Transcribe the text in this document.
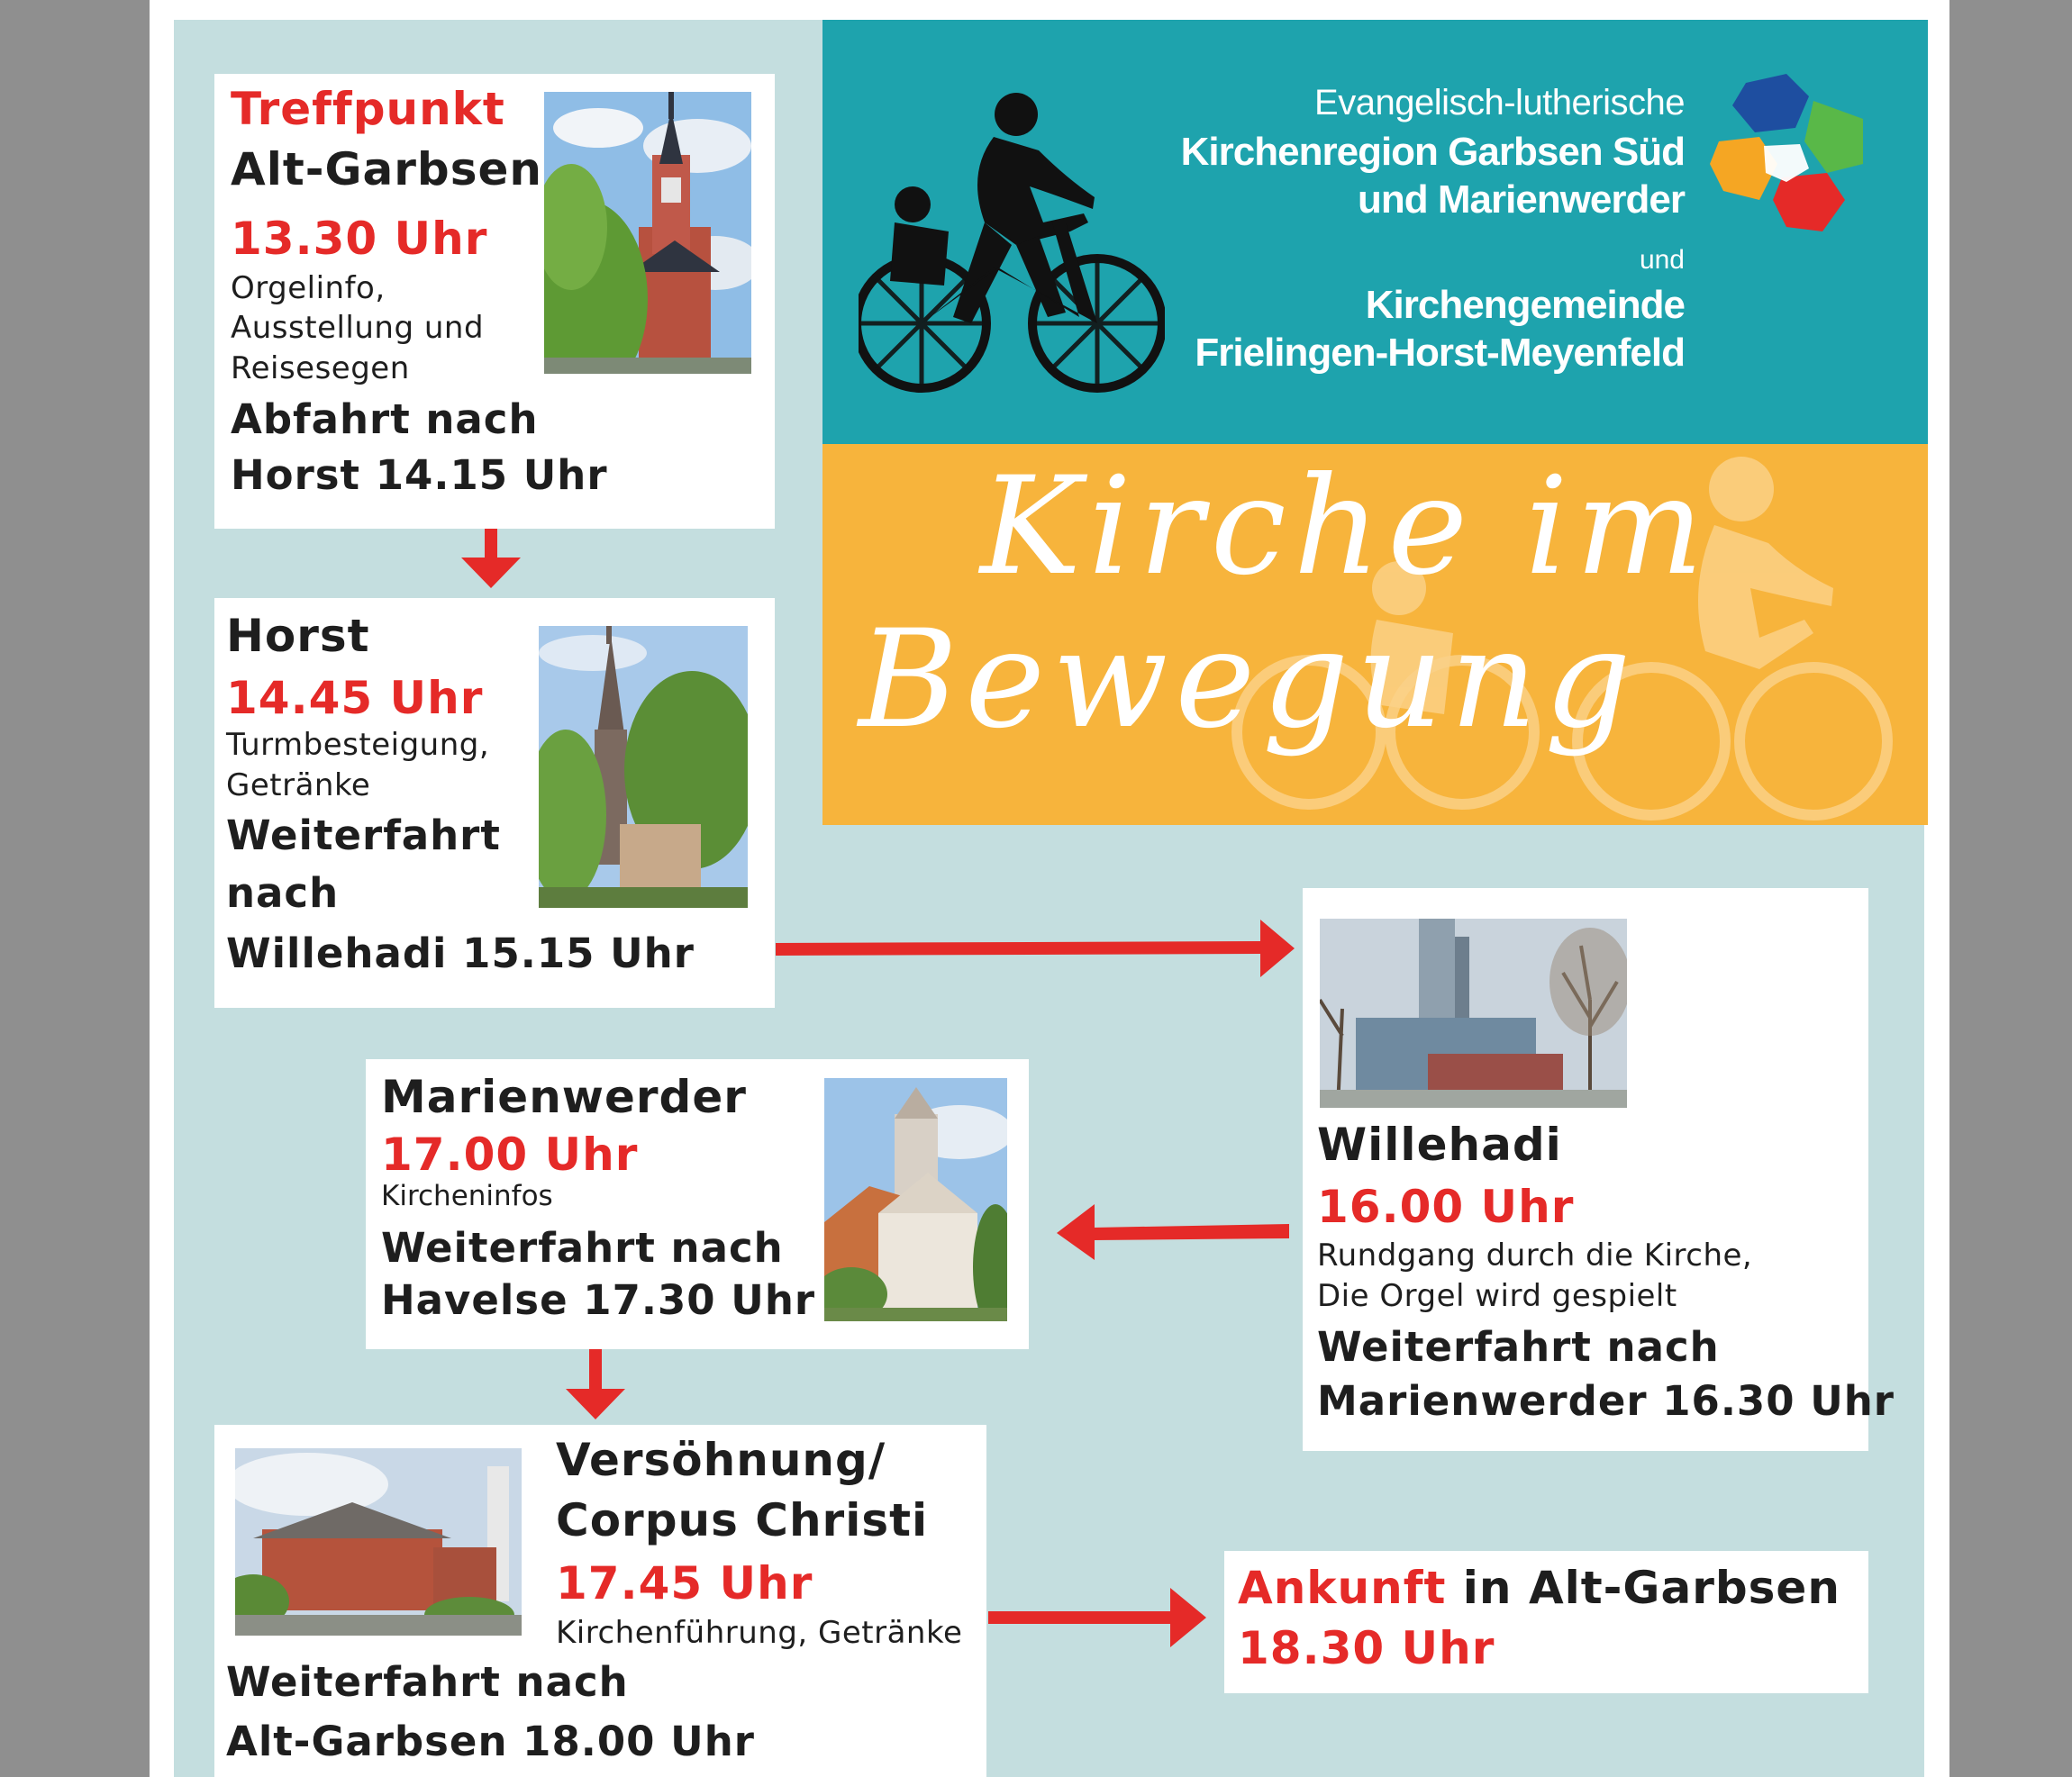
Evangelisch-lutherische
Kirchenregion Garbsen Süd
und Marienwerder
und
Kirchengemeinde
Frielingen-Horst-Meyenfeld
Kirche im
Bewegung
Treffpunkt
Alt-Garbsen
13.30 Uhr
Orgelinfo,
Ausstellung und
Reisesegen
Abfahrt nach
Horst 14.15 Uhr
Horst
14.45 Uhr
Turmbesteigung,
Getränke
Weiterfahrt
nach
Willehadi 15.15 Uhr
Willehadi
16.00 Uhr
Rundgang durch die Kirche,
Die Orgel wird gespielt
Weiterfahrt nach
Marienwerder 16.30 Uhr
Marienwerder
17.00 Uhr
Kircheninfos
Weiterfahrt nach
Havelse 17.30 Uhr
Versöhnung/
Corpus Christi
17.45 Uhr
Kirchenführung, Getränke
Weiterfahrt nach
Alt-Garbsen 18.00 Uhr
Ankunft in Alt-Garbsen
18.30 Uhr
